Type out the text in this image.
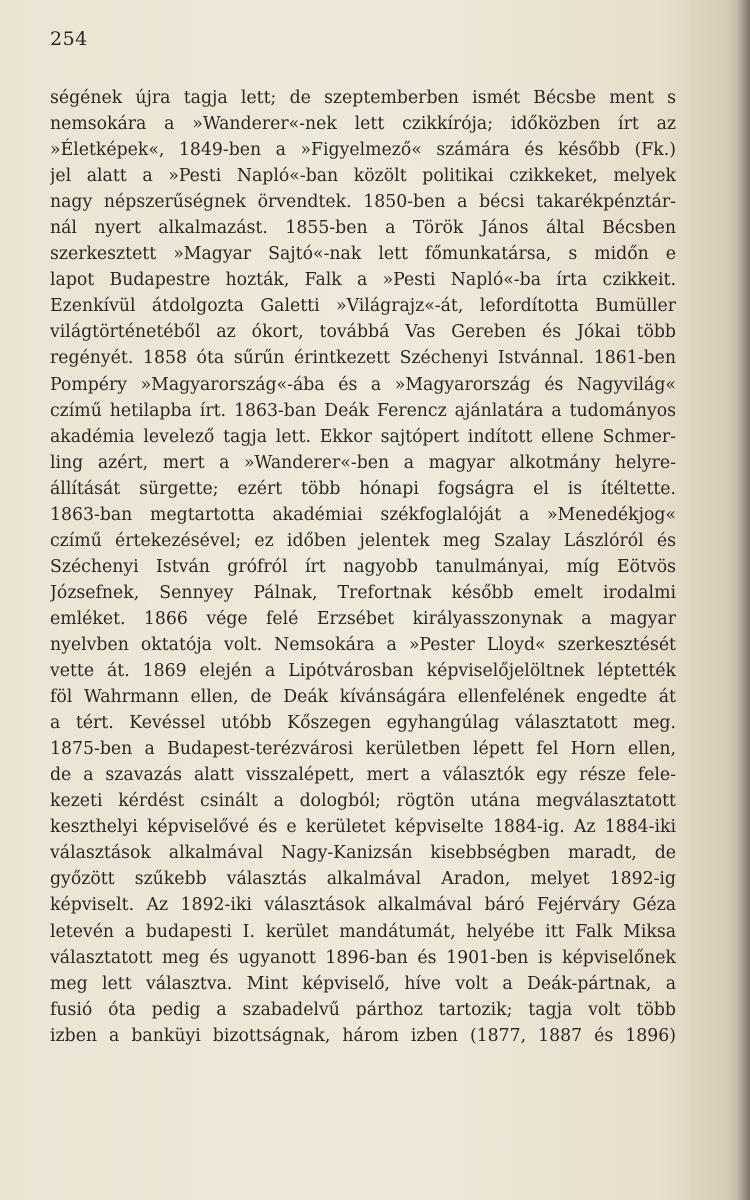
254
ségének újra tagja lett; de szeptemberben ismét Bécsbe ment s
nemsokára a »Wanderer«-nek lett czikkírója; időközben írt az
»Életképek«, 1849-ben a »Figyelmező« számára és később (Fk.)
jel alatt a »Pesti Napló«-ban közölt politikai czikkeket, melyek
nagy népszerűségnek örvendtek. 1850-ben a bécsi takarékpénztár-
nál nyert alkalmazást. 1855-ben a Török János által Bécsben
szerkesztett »Magyar Sajtó«-nak lett főmunkatársa, s midőn e
lapot Budapestre hozták, Falk a »Pesti Napló«-ba írta czikkeit.
Ezenkívül átdolgozta Galetti »Világrajz«-át, lefordította Bumüller
világtörténetéből az ókort, továbbá Vas Gereben és Jókai több
regényét. 1858 óta sűrűn érintkezett Széchenyi Istvánnal. 1861-ben
Pompéry »Magyarország«-ába és a »Magyarország és Nagyvilág«
czímű hetilapba írt. 1863-ban Deák Ferencz ajánlatára a tudományos
akadémia levelező tagja lett. Ekkor sajtópert indított ellene Schmer-
ling azért, mert a »Wanderer«-ben a magyar alkotmány helyre-
állítását sürgette; ezért több hónapi fogságra el is ítéltette.
1863-ban megtartotta akadémiai székfoglalóját a »Menedékjog«
czímű értekezésével; ez időben jelentek meg Szalay Lászlóról és
Széchenyi István grófról írt nagyobb tanulmányai, míg Eötvös
Józsefnek, Sennyey Pálnak, Trefortnak később emelt irodalmi
emléket. 1866 vége felé Erzsébet királyasszonynak a magyar
nyelvben oktatója volt. Nemsokára a »Pester Lloyd« szerkesztését
vette át. 1869 elején a Lipótvárosban képviselőjelöltnek léptették
föl Wahrmann ellen, de Deák kívánságára ellenfelének engedte át
a tért. Kevéssel utóbb Kőszegen egyhangúlag választatott meg.
1875-ben a Budapest-terézvárosi kerületben lépett fel Horn ellen,
de a szavazás alatt visszalépett, mert a választók egy része fele-
kezeti kérdést csinált a dologból; rögtön utána megválasztatott
keszthelyi képviselővé és e kerületet képviselte 1884-ig. Az 1884-iki
választások alkalmával Nagy-Kanizsán kisebbségben maradt, de
győzött szűkebb választás alkalmával Aradon, melyet 1892-ig
képviselt. Az 1892-iki választások alkalmával báró Fejérváry Géza
letevén a budapesti I. kerület mandátumát, helyébe itt Falk Miksa
választatott meg és ugyanott 1896-ban és 1901-ben is képviselőnek
meg lett választva. Mint képviselő, híve volt a Deák-pártnak, a
fusió óta pedig a szabadelvű párthoz tartozik; tagja volt több
izben a banküyi bizottságnak, három izben (1877, 1887 és 1896)
